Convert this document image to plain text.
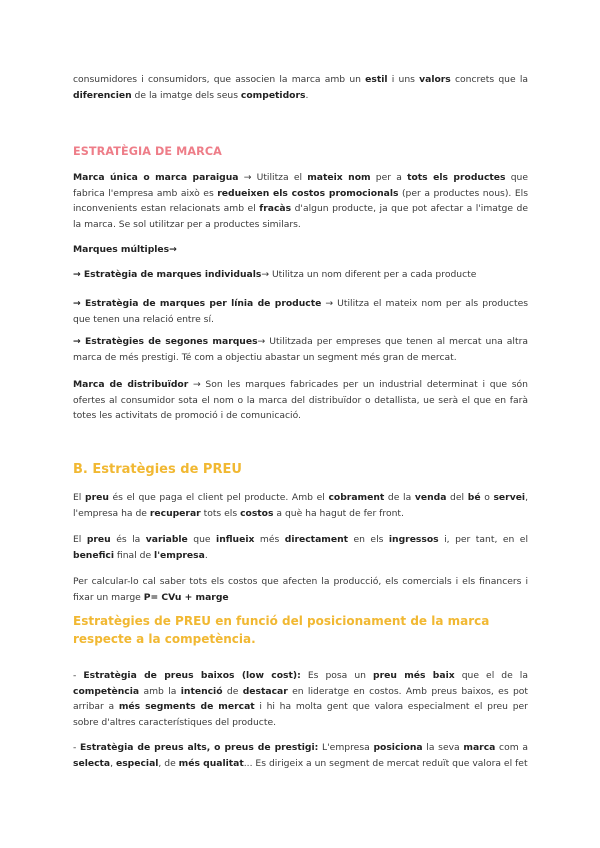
consumidores i consumidors, que associen la marca amb un estil i uns valors concrets que la diferencien de la imatge dels seus competidors.

ESTRATÈGIA DE MARCA

Marca única o marca paraigua → Utilitza el mateix nom per a tots els productes que fabrica l'empresa amb això es redueixen els costos promocionals (per a productes nous). Els inconvenients estan relacionats amb el fracàs d'algun producte, ja que pot afectar a l'imatge de la marca. Se sol utilitzar per a productes similars.

Marques múltiples→

→ Estratègia de marques individuals→ Utilitza un nom diferent per a cada producte

→ Estratègia de marques per línia de producte → Utilitza el mateix nom per als productes que tenen una relació entre sí.

→ Estratègies de segones marques→ Utilitzada per empreses que tenen al mercat una altra marca de més prestigi. Té com a objectiu abastar un segment més gran de mercat.

Marca de distribuïdor → Son les marques fabricades per un industrial determinat i que són ofertes al consumidor sota el nom o la marca del distribuïdor o detallista, ue serà el que en farà totes les activitats de promoció i de comunicació.

B. Estratègies de PREU

El preu és el que paga el client pel producte. Amb el cobrament de la venda del bé o servei, l'empresa ha de recuperar tots els costos a què ha hagut de fer front.

El preu és la variable que influeix més directament en els ingressos i, per tant, en el benefici final de l'empresa.

Per calcular-lo cal saber tots els costos que afecten la producció, els comercials i els financers i fixar un marge P= CVu + marge

Estratègies de PREU en funció del posicionament de la marca respecte a la competència.

- Estratègia de preus baixos (low cost): Es posa un preu més baix que el de la competència amb la intenció de destacar en lideratge en costos. Amb preus baixos, es pot arribar a més segments de mercat i hi ha molta gent que valora especialment el preu per sobre d'altres característiques del producte.

- Estratègia de preus alts, o preus de prestigi: L'empresa posiciona la seva marca com a selecta, especial, de més qualitat... Es dirigeix a un segment de mercat reduït que valora el fet
